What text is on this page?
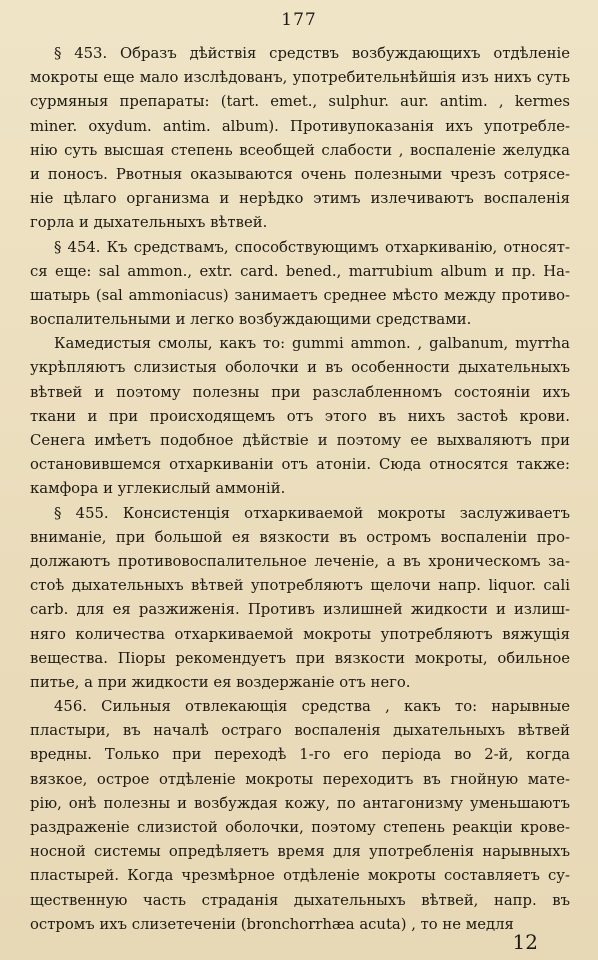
177
§ 453. Образъ дѣйствія средствъ возбуждающихъ отдѣленіе
мокроты еще мало изслѣдованъ, употребительнѣйшія изъ нихъ суть
сурмяныя препараты: (tart. emet., sulphur. aur. antim. , kermes
miner. oxydum. antim. album). Противупоказанія ихъ употребле-
нію суть высшая степень всеобщей слабости , воспаленіе желудка
и поносъ. Рвотныя оказываются очень полезными чрезъ сотрясе-
ніе цѣлаго организма и нерѣдко этимъ излечиваютъ воспаленія
горла и дыхательныхъ вѣтвей.
§ 454. Къ средствамъ, способствующимъ отхаркиванію, относят-
ся еще: sal ammon., extr. card. bened., marrubium album и пр. На-
шатырь (sal ammoniacus) занимаетъ среднее мѣсто между противо-
воспалительными и легко возбуждающими средствами.
Камедистыя смолы, какъ то: gummi ammon. , galbanum, myrrha
укрѣпляютъ слизистыя оболочки и въ особенности дыхательныхъ
вѣтвей и поэтому полезны при разслабленномъ состояніи ихъ
ткани и при происходящемъ отъ этого въ нихъ застоѣ крови.
Сенега имѣетъ подобное дѣйствіе и поэтому ее выхваляютъ при
остановившемся отхаркиваніи отъ атоніи. Сюда относятся также:
камфора и углекислый аммоній.
§ 455. Консистенція отхаркиваемой мокроты заслуживаетъ
вниманіе, при большой ея вязкости въ остромъ воспаленіи про-
должаютъ противовоспалительное леченіе, а въ хроническомъ за-
стоѣ дыхательныхъ вѣтвей употребляютъ щелочи напр. liquor. cali
carb. для ея разжиженія. Противъ излишней жидкости и излиш-
няго количества отхаркиваемой мокроты употребляютъ вяжущія
вещества. Піоры рекомендуетъ при вязкости мокроты, обильное
питье, а при жидкости ея воздержаніе отъ него.
456. Сильныя отвлекающія средства , какъ то: нарывные
пластыри, въ началѣ остраго воспаленія дыхательныхъ вѣтвей
вредны. Только при переходѣ 1-го его періода во 2-й, когда
вязкое, острое отдѣленіе мокроты переходитъ въ гнойную мате-
рію, онѣ полезны и возбуждая кожу, по антагонизму уменьшаютъ
раздраженіе слизистой оболочки, поэтому степень реакціи крове-
носной системы опредѣляетъ время для употребленія нарывныхъ
пластырей. Когда чрезмѣрное отдѣленіе мокроты составляетъ су-
щественную часть страданія дыхательныхъ вѣтвей, напр. въ
остромъ ихъ слизетеченіи (bronchorrhæa acuta) , то не медля
12
